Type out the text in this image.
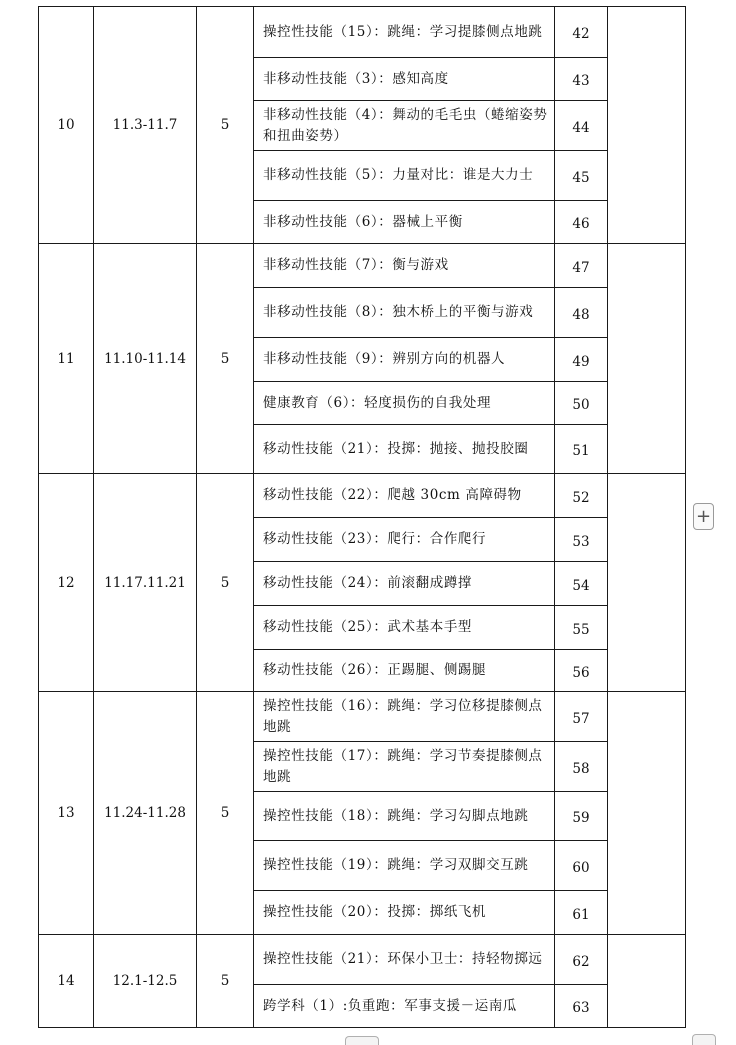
10	11.3-11.7	5	操控性技能（15）：跳绳：学习提膝侧点地跳	42	
			非移动性技能（3）：感知高度	43	
			非移动性技能（4）：舞动的毛毛虫（蜷缩姿势和扭曲姿势）	44	
			非移动性技能（5）：力量对比：谁是大力士	45	
			非移动性技能（6）：器械上平衡	46	
11	11.10-11.14	5	非移动性技能（7）：衡与游戏	47	
			非移动性技能（8）：独木桥上的平衡与游戏	48	
			非移动性技能（9）：辨别方向的机器人	49	
			健康教育（6）：轻度损伤的自我处理	50	
			移动性技能（21）：投掷：抛接、抛投胶圈	51	
12	11.17.11.21	5	移动性技能（22）：爬越 30cm 高障碍物	52	
			移动性技能（23）：爬行：合作爬行	53	
			移动性技能（24）：前滚翻成蹲撑	54	
			移动性技能（25）：武术基本手型	55	
			移动性技能（26）：正踢腿、侧踢腿	56	
13	11.24-11.28	5	操控性技能（16）：跳绳：学习位移提膝侧点地跳	57	
			操控性技能（17）：跳绳：学习节奏提膝侧点地跳	58	
			操控性技能（18）：跳绳：学习勾脚点地跳	59	
			操控性技能（19）：跳绳：学习双脚交互跳	60	
			操控性技能（20）：投掷：掷纸飞机	61	
14	12.1-12.5	5	操控性技能（21）：环保小卫士：持轻物掷远	62	
			跨学科（1）:负重跑：军事支援－运南瓜	63	
+
